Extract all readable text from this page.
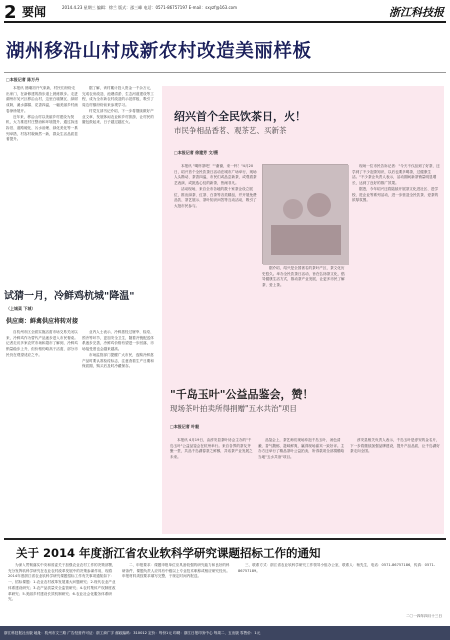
2 要闻	2014.4.23 星期三 编辑：徐兰 版式：邵三峰 电话：0571-86757197 E-mail：sxyzf@163.com	浙江科技报
湖州移沿山村成新农村改造美丽样板
□本报记者 陈万丹

本报讯 晨曦初升气象新，村民们纷纷走出家门，在新修建的游步道上晨练散步。走进湖州市吴兴区移沿山村，这里白墙黛瓦、绿树成荫，溪水潺潺、花香四溢，一幅美丽乡村画卷徐徐展开。

近年来，移沿山村以美丽乡村建设为契机，大力推进村庄整治和环境提升，通过拆违拆旧、道路硬化、污水治理、绿化美化等一系列举措，村容村貌焕然一新，群众生活品质显著提升。

据了解，该村累计投入资金一千余万元，完成农房改造、池塘清淤、生态河道建设等工程，成为全市新农村改造的示范样板，吸引了周边村镇纷纷前来参观学习。

村党支部书记介绍，下一步将继续做好产业文章，发展休闲农业和乡村旅游，让村民的腰包鼓起来，日子越过越红火。

试猜一月，冷鲜鸡杭城"降温"
（上城菜 下城）
供应商：鲜禽供应将转对接

自杭州市区全面实施活禽市场交易关闭以来，冷鲜鸡作为替代产品逐步进入市民餐桌。记者走访多家农贸市场和超市了解到，冷鲜鸡销量稳步上升，但价格仍略高于活禽，部分市民仍在观望适应之中。

业内人士表示，冷鲜禽经过屠宰、检疫、预冷等环节，更加安全卫生，随着冷链配送体系逐步完善，冷鲜鸡价格有望进一步回落，市场接受度也会越来越高。

市场监管部门提醒广大市民，选购冷鲜禽产品时要认准检疫标志，注意查看生产日期和保质期，购买后及时冷藏保存。

绍兴首个全民饮茶日，火！
市民争相品香茗、观茶艺、买新茶
□本报记者 徐建芳 文/摄

本报讯 "喝杯茶吧！""谢谢，来一杯！"4月20日，绍兴首个全民饮茶日活动在城市广场举行，现场人头攒动、茶香四溢，市民们或品尝新茶，或观看茶艺表演，或挑选心仪的新茶，热闹非凡。

活动现场，来自全市各地的数十家茶企设立展位，推出绿茶、红茶、白茶等各类精品，并开展免费品饮、茶艺展示、茶叶知识问答等互动活动，吸引了大批市民参与。

据介绍，绍兴是全国著名的茶叶产区，茶文化历史悠久。举办全民饮茶日活动，旨在弘扬茶文化，倡导健康生活方式，推动茶产业发展，让更多市民了解茶、爱上茶。

现场一位市民告诉记者："今天不仅品到了好茶，还学到了不少泡茶知识，以后也要多喝茶，过健康生活。"不少茶企负责人表示，活动期间新茶销量明显增长，达到了良好的推广效果。

据悉，今年绍兴还将陆续开展茶文化进社区、进学校、进企业等系列活动，进一步营造全民饮茶、爱茶的浓厚氛围。

"千岛玉叶"公益品鉴会，赞！
现场茶叶拍卖所得捐赠"五水共治"项目
□本报记者 叶毅

本报讯 4月19日，由淳安县茶叶协会主办的"千岛玉叶"公益品鉴会在杭州举行。来自各界的茶友齐聚一堂，共品千岛湖春茶之鲜醇，共话茶产业发展之未来。

品鉴会上，茶艺师们现场冲泡千岛玉叶，汤色清澈、香气馥郁、滋味鲜爽，赢得现场嘉宾一致好评。主办方还举行了精品茶叶公益拍卖，所得款项全部捐赠给当地"五水共治"项目。

淳安县相关负责人表示，千岛玉叶是淳安的金名片，下一步将继续加强品牌建设，提升产品品质，让千岛湖好茶走向全国。

关于 2014 年度浙江省农业软科学研究课题招标工作的通知

为深入贯彻落实中央和省委关于加强农业农村工作的决策部署，充分发挥软科学研究在农业农村改革发展中的决策参谋作用，现将2014年度浙江省农业软科学研究课题招标工作有关事项通知如下：一、招标课题：1.农业农村改革发展重大问题研究；2.现代农业产业体系建设研究；3.农产品质量安全监管研究；4.农村集体产权制度改革研究；5.美丽乡村建设长效机制研究；6.农业社会化服务体系研究。

二、申报要求：课题申报单位应具备较强的研究能力和良好的科研条件，课题负责人应具有中级以上专业技术职称或相应研究经历。申报材料须按要求填写完整，于规定时间内报送。

三、联系方式：浙江省农业软科学研究工作领导小组办公室，联系人：杨先生，电话：0571-86757186，传真：0571-86757189。

二〇一四年四月十三日
浙江科技报社出版 地址：杭州市文三路 广告经营许可证：浙工商广字 邮政编码：310012 定价：每份1元 印刷：浙江日报印务中心 每周二、五出版 零售价：1元
